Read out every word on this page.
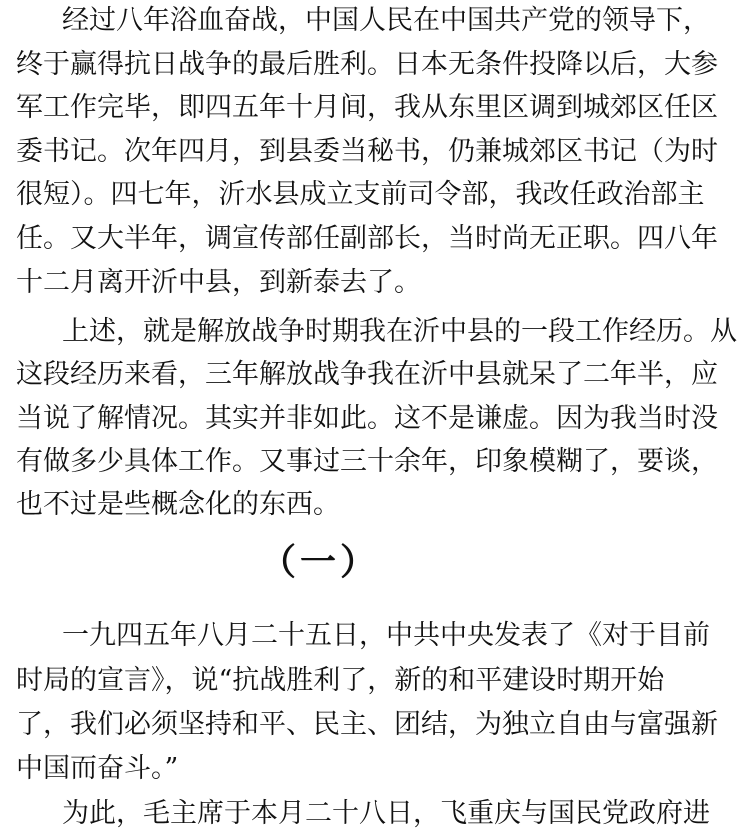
经过八年浴血奋战，中国人民在中国共产党的领导下，
终于赢得抗日战争的最后胜利。日本无条件投降以后，大参
军工作完毕，即四五年十月间，我从东里区调到城郊区任区
委书记。次年四月，到县委当秘书，仍兼城郊区书记（为时
很短）。四七年，沂水县成立支前司令部，我改任政治部主
任。又大半年，调宣传部任副部长，当时尚无正职。四八年
十二月离开沂中县，到新泰去了。
上述，就是解放战争时期我在沂中县的一段工作经历。从
这段经历来看，三年解放战争我在沂中县就呆了二年半，应
当说了解情况。其实并非如此。这不是谦虚。因为我当时没
有做多少具体工作。又事过三十余年，印象模糊了，要谈，
也不过是些概念化的东西。
（一）
一九四五年八月二十五日，中共中央发表了《对于目前
时局的宣言》，说“抗战胜利了，新的和平建设时期开始
了，我们必须坚持和平、民主、团结，为独立自由与富强新
中国而奋斗。”
为此，毛主席于本月二十八日，飞重庆与国民党政府进
